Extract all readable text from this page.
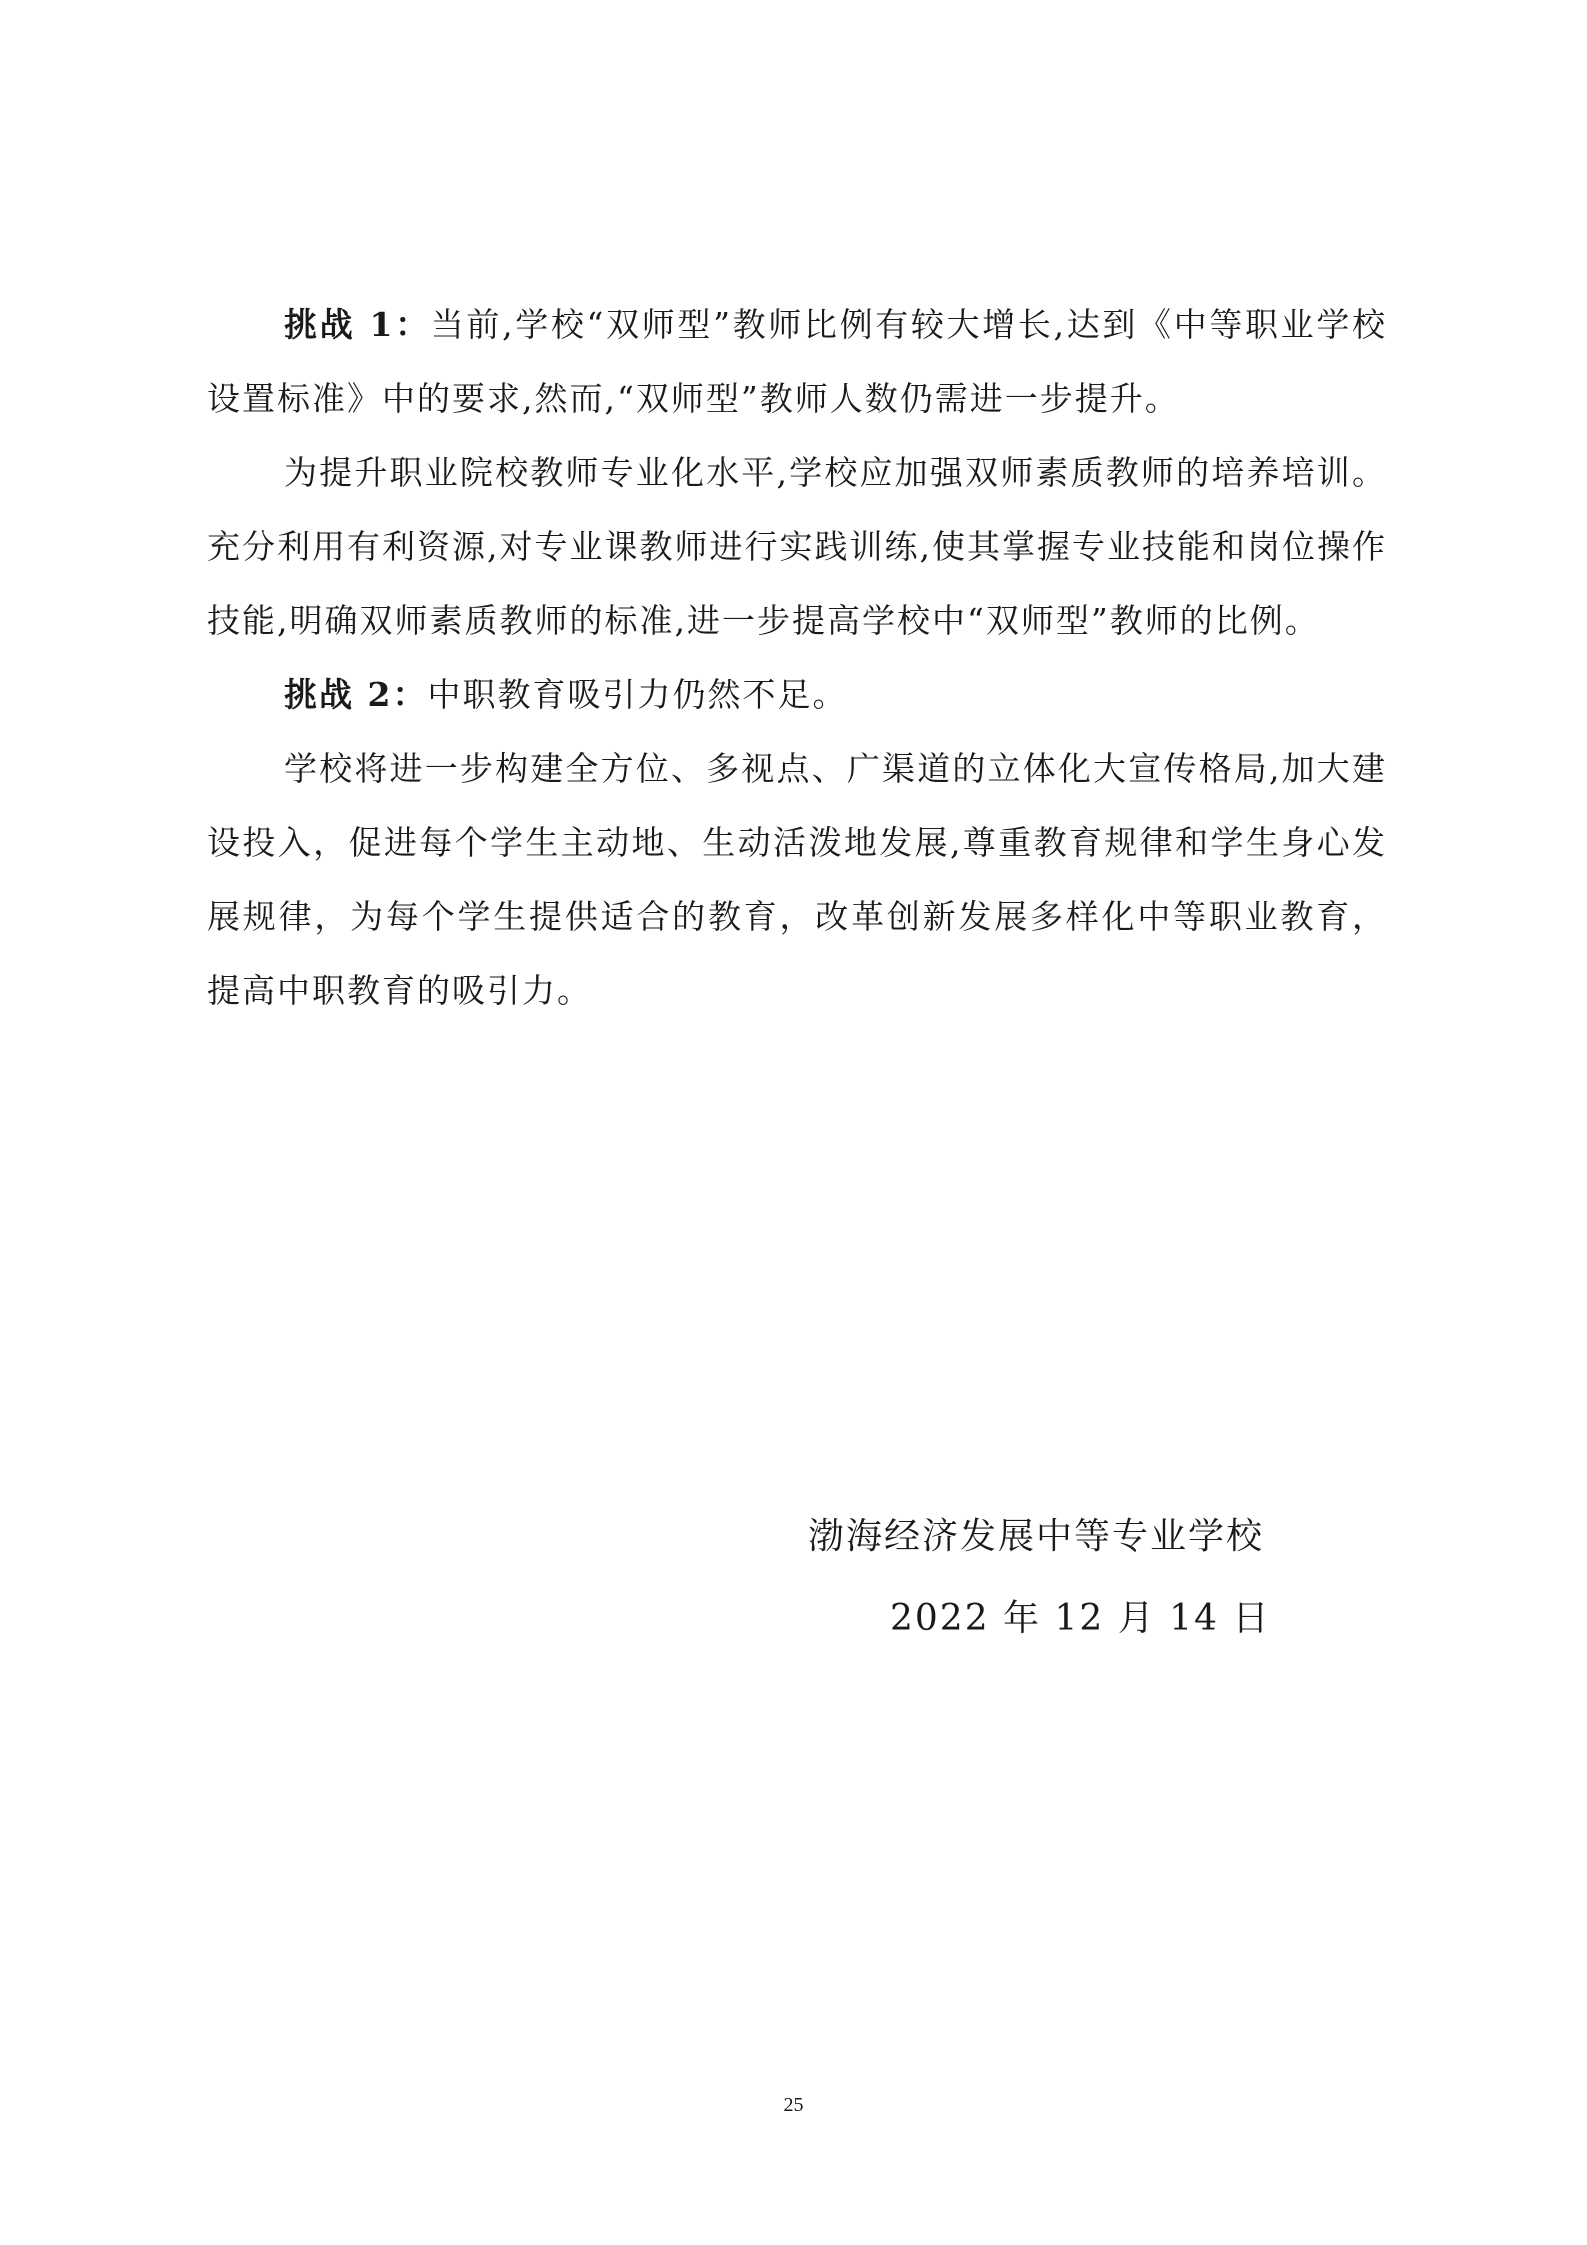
挑战 1：当前,学校“双师型”教师比例有较大增长,达到《中等职业学校设置标准》中的要求,然而,“双师型”教师人数仍需进一步提升。

为提升职业院校教师专业化水平,学校应加强双师素质教师的培养培训。充分利用有利资源,对专业课教师进行实践训练,使其掌握专业技能和岗位操作技能,明确双师素质教师的标准,进一步提高学校中“双师型”教师的比例。

挑战 2：中职教育吸引力仍然不足。

学校将进一步构建全方位、多视点、广渠道的立体化大宣传格局,加大建设投入，促进每个学生主动地、生动活泼地发展,尊重教育规律和学生身心发展规律，为每个学生提供适合的教育，改革创新发展多样化中等职业教育，提高中职教育的吸引力。

渤海经济发展中等专业学校
2022 年 12 月 14 日
25
